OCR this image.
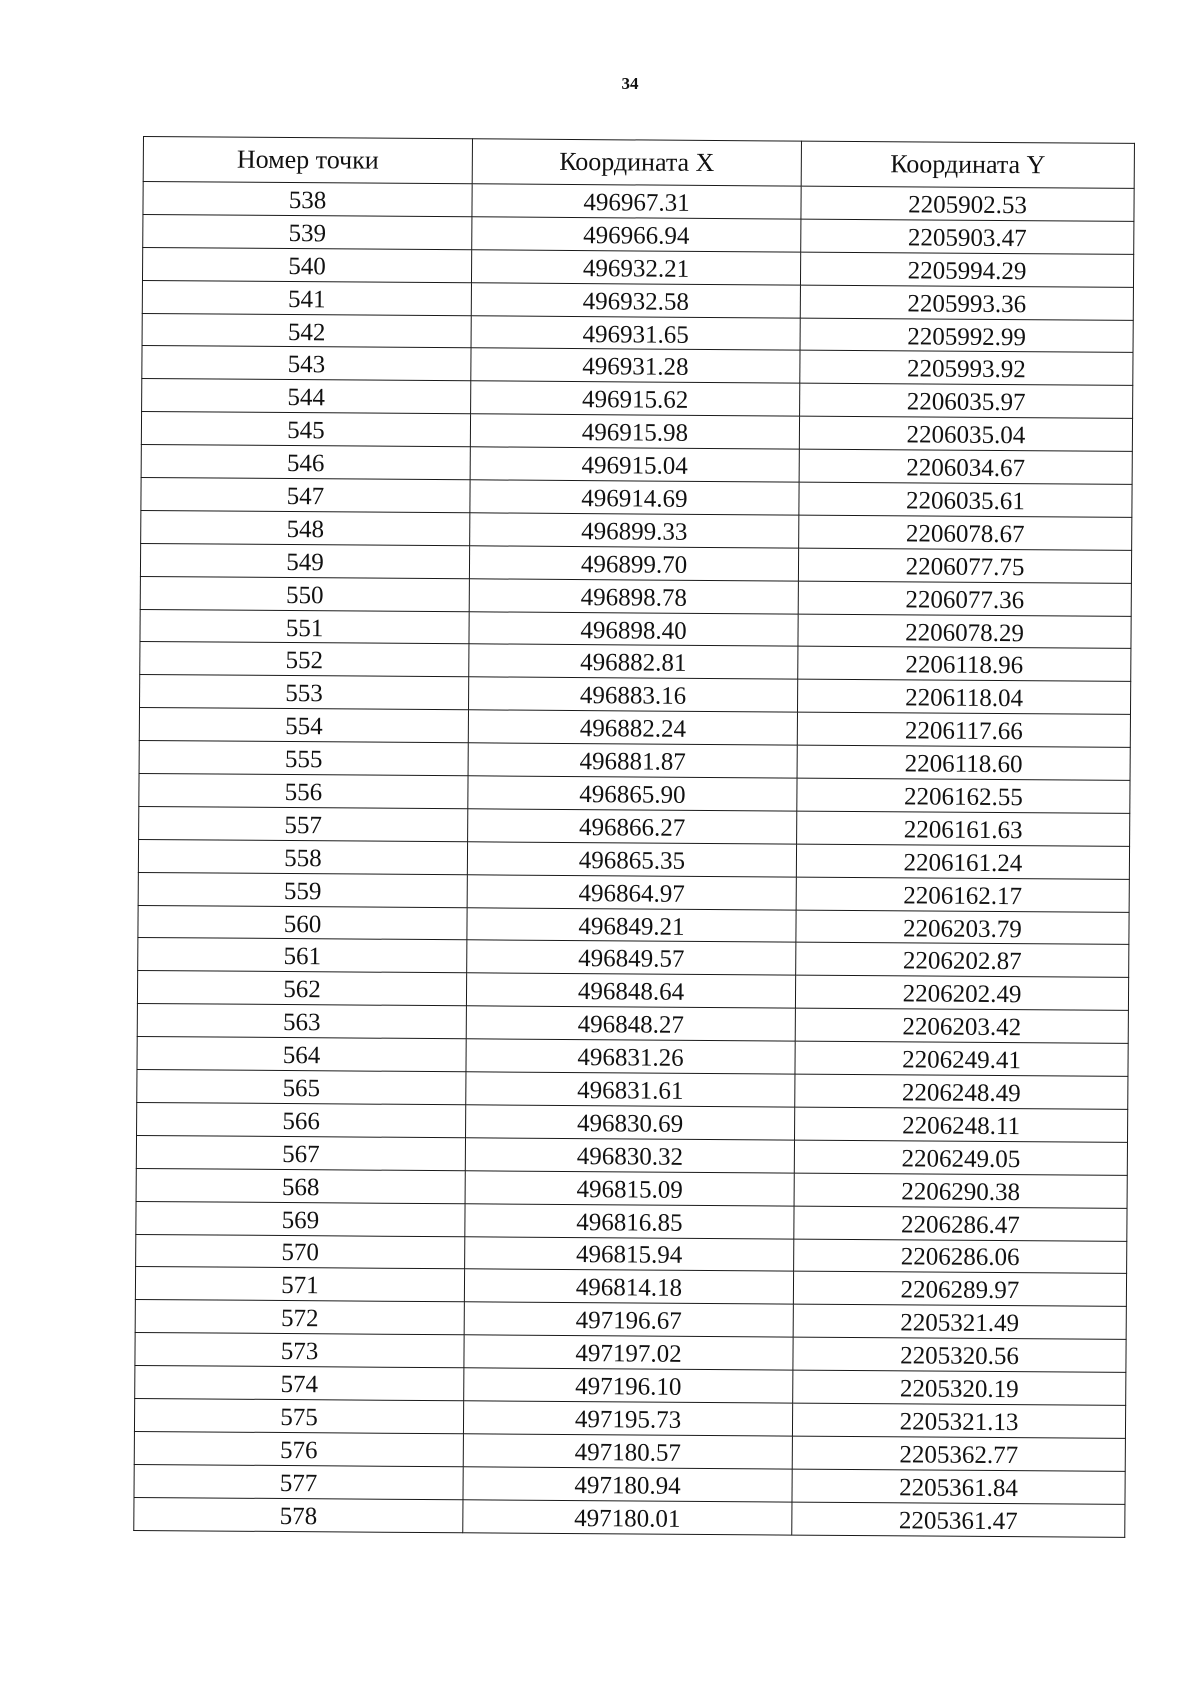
34
Номер точки	Координата X	Координата Y
538	496967.31	2205902.53
539	496966.94	2205903.47
540	496932.21	2205994.29
541	496932.58	2205993.36
542	496931.65	2205992.99
543	496931.28	2205993.92
544	496915.62	2206035.97
545	496915.98	2206035.04
546	496915.04	2206034.67
547	496914.69	2206035.61
548	496899.33	2206078.67
549	496899.70	2206077.75
550	496898.78	2206077.36
551	496898.40	2206078.29
552	496882.81	2206118.96
553	496883.16	2206118.04
554	496882.24	2206117.66
555	496881.87	2206118.60
556	496865.90	2206162.55
557	496866.27	2206161.63
558	496865.35	2206161.24
559	496864.97	2206162.17
560	496849.21	2206203.79
561	496849.57	2206202.87
562	496848.64	2206202.49
563	496848.27	2206203.42
564	496831.26	2206249.41
565	496831.61	2206248.49
566	496830.69	2206248.11
567	496830.32	2206249.05
568	496815.09	2206290.38
569	496816.85	2206286.47
570	496815.94	2206286.06
571	496814.18	2206289.97
572	497196.67	2205321.49
573	497197.02	2205320.56
574	497196.10	2205320.19
575	497195.73	2205321.13
576	497180.57	2205362.77
577	497180.94	2205361.84
578	497180.01	2205361.47
